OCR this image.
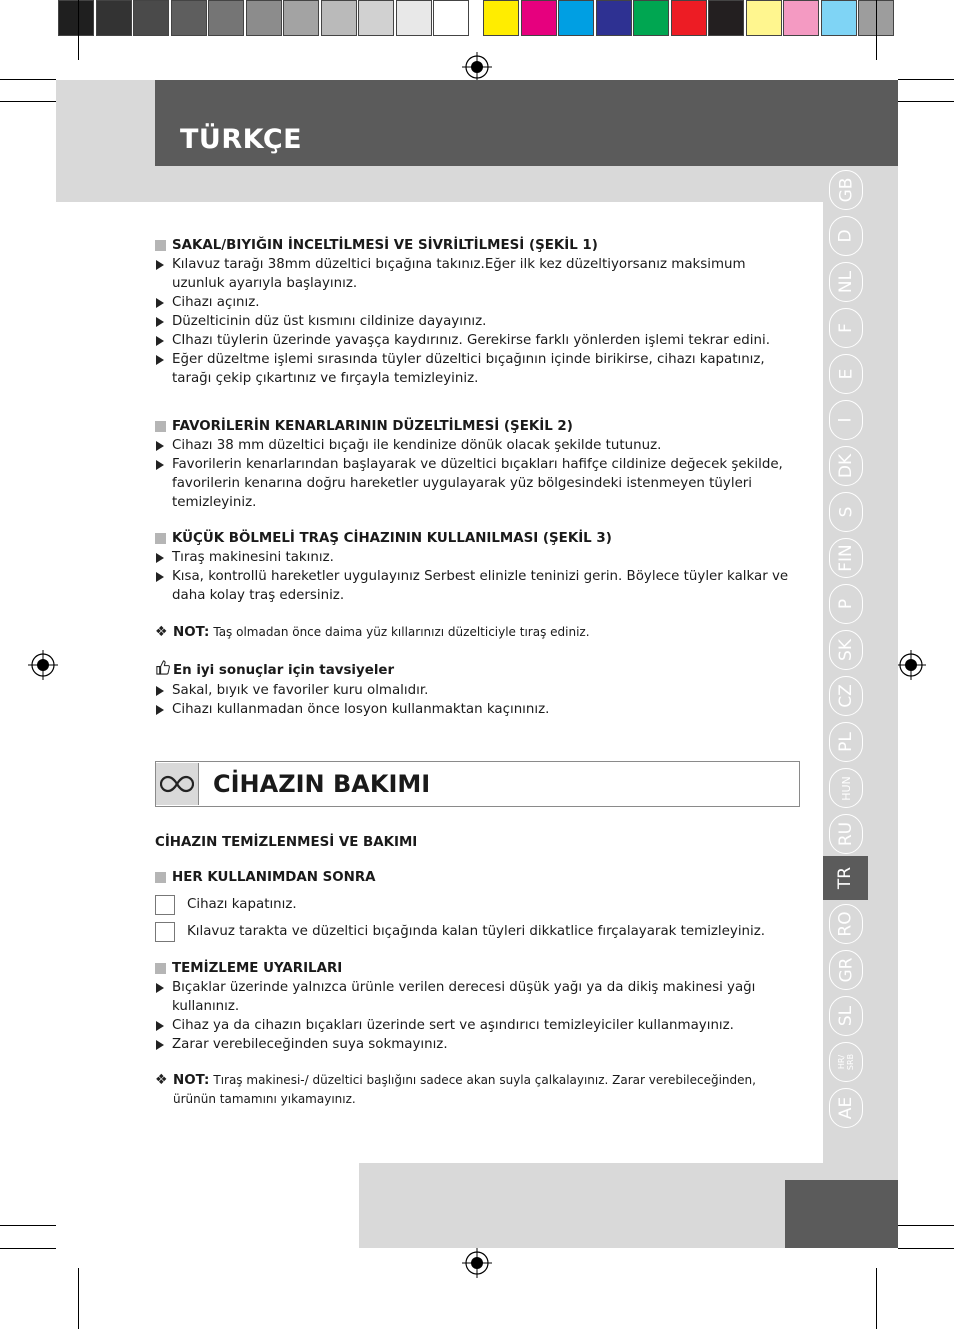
TÜRKÇE
GB
D
NL
F
E
I
DK
S
FIN
P
SK
CZ
PL
HUN
RU
TR
RO
GR
SL
HR/
SRB
AE
SAKAL/BIYIĞIN İNCELTİLMESİ VE SİVRİLTİLMESİ (ŞEKİL 1)
Kılavuz tarağı 38mm düzeltici bıçağına takınız.Eğer ilk kez düzeltiyorsanız maksimum uzunluk ayarıyla başlayınız.
Cihazı açınız.
Düzelticinin düz üst kısmını cildinize dayayınız.
CIhazı tüylerin üzerinde yavaşça kaydırınız. Gerekirse farklı yönlerden işlemi tekrar edini.
Eğer düzeltme işlemi sırasında tüyler düzeltici bıçağının içinde birikirse, cihazı kapatınız, tarağı çekip çıkartınız ve fırçayla temizleyiniz.
FAVORİLERİN KENARLARININ DÜZELTİLMESİ (ŞEKİL 2)
Cihazı 38 mm düzeltici bıçağı ile kendinize dönük olacak şekilde tutunuz.
Favorilerin kenarlarından başlayarak ve düzeltici bıçakları hafifçe cildinize değecek şekilde, favorilerin kenarına doğru hareketler uygulayarak yüz bölgesindeki istenmeyen tüyleri temizleyiniz.
KÜÇÜK BÖLMELİ TRAŞ CİHAZININ KULLANILMASI (ŞEKİL 3)
Tıraş makinesini takınız.
Kısa, kontrollü hareketler uygulayınız Serbest elinizle teninizi gerin. Böylece tüyler kalkar ve daha kolay traş edersiniz.
❖ NOT: Taş olmadan önce daima yüz kıllarınızı düzelticiyle tıraş ediniz.
En iyi sonuçlar için tavsiyeler
Sakal, bıyık ve favoriler kuru olmalıdır.
Cihazı kullanmadan önce losyon kullanmaktan kaçınınız.
CİHAZIN BAKIMI
CİHAZIN TEMİZLENMESİ VE BAKIMI
HER KULLANIMDAN SONRA
Cihazı kapatınız.
Kılavuz tarakta ve düzeltici bıçağında kalan tüyleri dikkatlice fırçalayarak temizleyiniz.
TEMİZLEME UYARILARI
Bıçaklar üzerinde yalnızca ürünle verilen derecesi düşük yağı ya da dikiş makinesi yağı kullanınız.
Cihaz ya da cihazın bıçakları üzerinde sert ve aşındırıcı temizleyiciler kullanmayınız.
Zarar verebileceğinden suya sokmayınız.
❖ NOT: Tıraş makinesi-/ düzeltici başlığını sadece akan suyla çalkalayınız. Zarar verebileceğinden, ürünün tamamını yıkamayınız.
